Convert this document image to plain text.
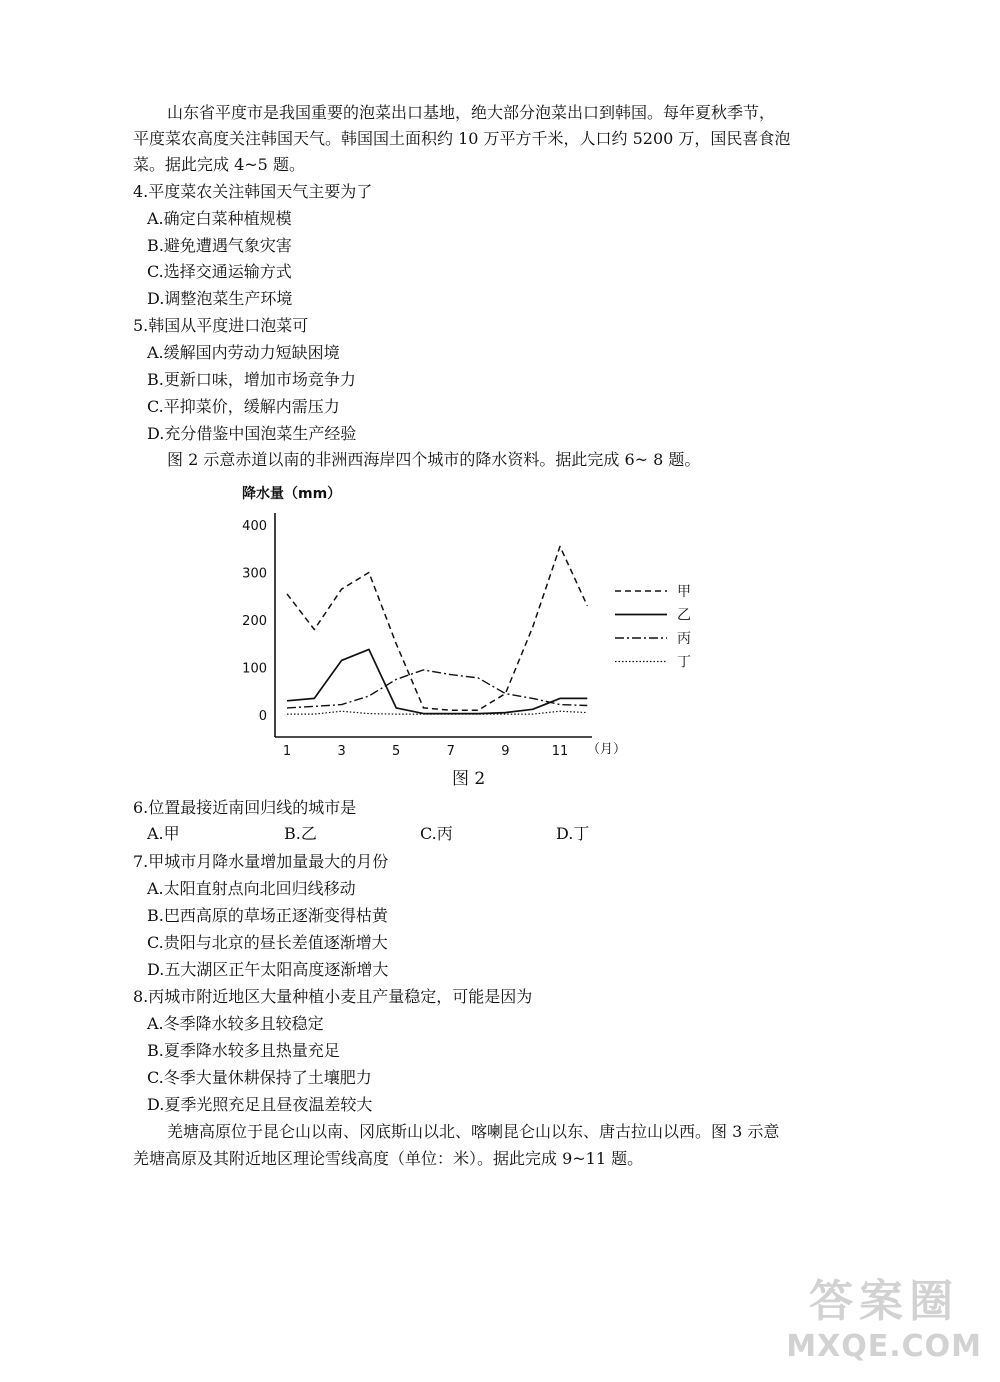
山东省平度市是我国重要的泡菜出口基地，绝大部分泡菜出口到韩国。每年夏秋季节，
平度菜农高度关注韩国天气。韩国国土面积约 10 万平方千米，人口约 5200 万，国民喜食泡
菜。据此完成 4~5 题。
4.平度菜农关注韩国天气主要为了
A.确定白菜种植规模
B.避免遭遇气象灾害
C.选择交通运输方式
D.调整泡菜生产环境
5.韩国从平度进口泡菜可
A.缓解国内劳动力短缺困境
B.更新口味，增加市场竞争力
C.平抑菜价，缓解内需压力
D.充分借鉴中国泡菜生产经验
图 2 示意赤道以南的非洲西海岸四个城市的降水资料。据此完成 6~ 8 题。
降水量（mm）
0
100
200
300
400
1	3	5	7	9	11
甲
乙
丙
丁
（月）
图 2
6.位置最接近南回归线的城市是
A.甲	B.乙	C.丙	D.丁
7.甲城市月降水量增加量最大的月份
A.太阳直射点向北回归线移动
B.巴西高原的草场正逐渐变得枯黄
C.贵阳与北京的昼长差值逐渐增大
D.五大湖区正午太阳高度逐渐增大
8.丙城市附近地区大量种植小麦且产量稳定，可能是因为
A.冬季降水较多且较稳定
B.夏季降水较多且热量充足
C.冬季大量休耕保持了土壤肥力
D.夏季光照充足且昼夜温差较大
羌塘高原位于昆仑山以南、冈底斯山以北、喀喇昆仑山以东、唐古拉山以西。图 3 示意
羌塘高原及其附近地区理论雪线高度（单位：米）。据此完成 9~11 题。
答案圈
MXQE.COM
